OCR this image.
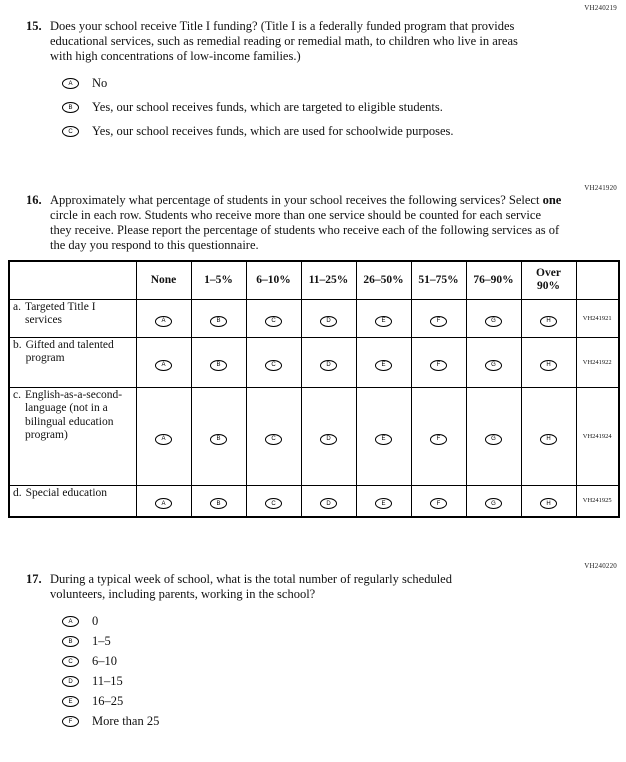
VH240219
15. Does your school receive Title I funding? (Title I is a federally funded program that provides educational services, such as remedial reading or remedial math, to children who live in areas with high concentrations of low-income families.)
A	No
B	Yes, our school receives funds, which are targeted to eligible students.
C	Yes, our school receives funds, which are used for schoolwide purposes.
VH241920
16. Approximately what percentage of students in your school receives the following services? Select one circle in each row. Students who receive more than one service should be counted for each service they receive. Please report the percentage of students who receive each of the following services as of the day you respond to this questionnaire.
	None	1–5%	6–10%	11–25%	26–50%	51–75%	76–90%	Over 90%	

a. Targeted Title I services	A	B	C	D	E	F	G	H	VH241921

b. Gifted and talented program	A	B	C	D	E	F	G	H	VH241922

c. English-as-a-second-language (not in a bilingual education program)	A	B	C	D	E	F	G	H	VH241924

d. Special education	A	B	C	D	E	F	G	H	VH241925
VH240220
17. During a typical week of school, what is the total number of regularly scheduled volunteers, including parents, working in the school?
A	0
B	1–5
C	6–10
D	11–15
E	16–25
F	More than 25
